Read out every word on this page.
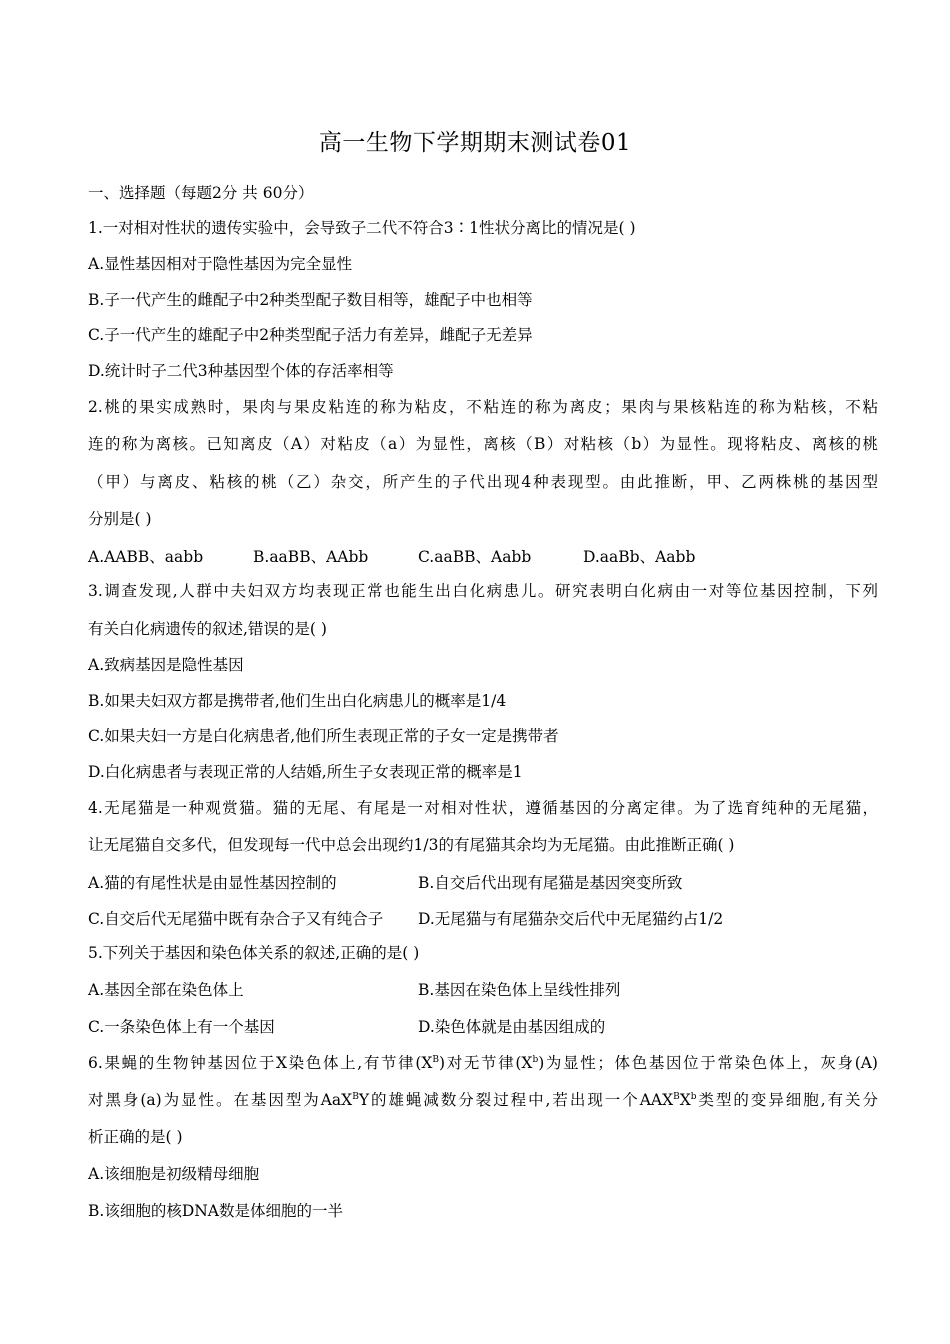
高一生物下学期期末测试卷01
一、选择题（每题2分 共 60分）
1.一对相对性状的遗传实验中，会导致子二代不符合3∶1性状分离比的情况是( )
A.显性基因相对于隐性基因为完全显性
B.子一代产生的雌配子中2种类型配子数目相等，雄配子中也相等
C.子一代产生的雄配子中2种类型配子活力有差异，雌配子无差异
D.统计时子二代3种基因型个体的存活率相等
2.桃的果实成熟时，果肉与果皮粘连的称为粘皮，不粘连的称为离皮；果肉与果核粘连的称为粘核，不粘
连的称为离核。已知离皮（A）对粘皮（a）为显性，离核（B）对粘核（b）为显性。现将粘皮、离核的桃
（甲）与离皮、粘核的桃（乙）杂交，所产生的子代出现4种表现型。由此推断，甲、乙两株桃的基因型
分别是( )
A.AABB、aabb	B.aaBB、AAbb	C.aaBB、Aabb	D.aaBb、Aabb
3.调查发现,人群中夫妇双方均表现正常也能生出白化病患儿。研究表明白化病由一对等位基因控制，下列
有关白化病遗传的叙述,错误的是( )
A.致病基因是隐性基因
B.如果夫妇双方都是携带者,他们生出白化病患儿的概率是1/4
C.如果夫妇一方是白化病患者,他们所生表现正常的子女一定是携带者
D.白化病患者与表现正常的人结婚,所生子女表现正常的概率是1
4.无尾猫是一种观赏猫。猫的无尾、有尾是一对相对性状，遵循基因的分离定律。为了选育纯种的无尾猫，
让无尾猫自交多代，但发现每一代中总会出现约1/3的有尾猫其余均为无尾猫。由此推断正确( )
A.猫的有尾性状是由显性基因控制的	B.自交后代出现有尾猫是基因突变所致
C.自交后代无尾猫中既有杂合子又有纯合子 D.无尾猫与有尾猫杂交后代中无尾猫约占1/2
5.下列关于基因和染色体关系的叙述,正确的是( )
A.基因全部在染色体上	B.基因在染色体上呈线性排列
C.一条染色体上有一个基因	D.染色体就是由基因组成的
6.果蝇的生物钟基因位于X染色体上,有节律$(X^B)$对无节律$(X^b)$为显性；体色基因位于常染色体上，灰身(A)
对黑身(a)为显性。在基因型为AaX$^B$Y的雄蝇减数分裂过程中,若出现一个$AAX^BX^b$类型的变异细胞,有关分
析正确的是( )
A.该细胞是初级精母细胞
B.该细胞的核DNA数是体细胞的一半
